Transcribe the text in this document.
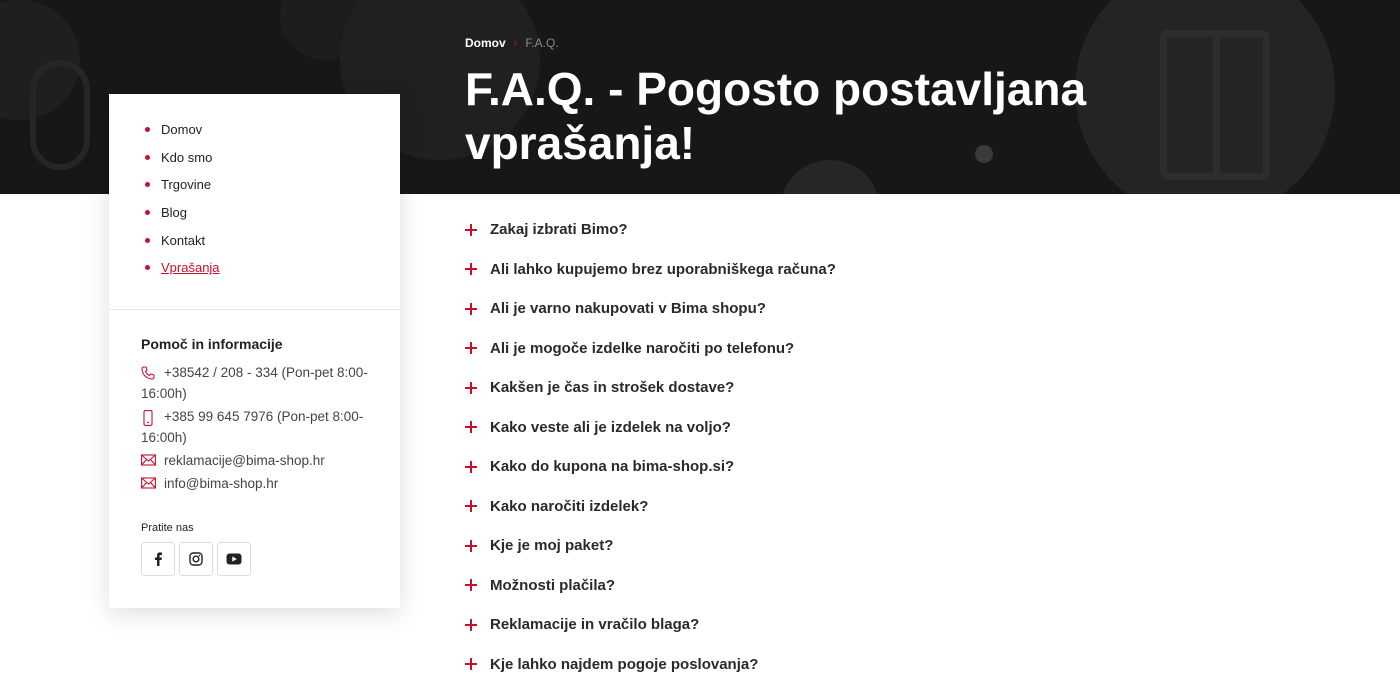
Domov › F.A.Q.
F.A.Q. - Pogosto postavljana vprašanja!
Domov
Kdo smo
Trgovine
Blog
Kontakt
Vprašanja
Pomoč in informacije
+38542 / 208 - 334 (Pon-pet 8:00-16:00h)
+385 99 645 7976 (Pon-pet 8:00-16:00h)
reklamacije@bima-shop.hr
info@bima-shop.hr
Pratite nas
Zakaj izbrati Bimo?
Ali lahko kupujemo brez uporabniškega računa?
Ali je varno nakupovati v Bima shopu?
Ali je mogoče izdelke naročiti po telefonu?
Kakšen je čas in strošek dostave?
Kako veste ali je izdelek na voljo?
Kako do kupona na bima-shop.si?
Kako naročiti izdelek?
Kje je moj paket?
Možnosti plačila?
Reklamacije in vračilo blaga?
Kje lahko najdem pogoje poslovanja?
